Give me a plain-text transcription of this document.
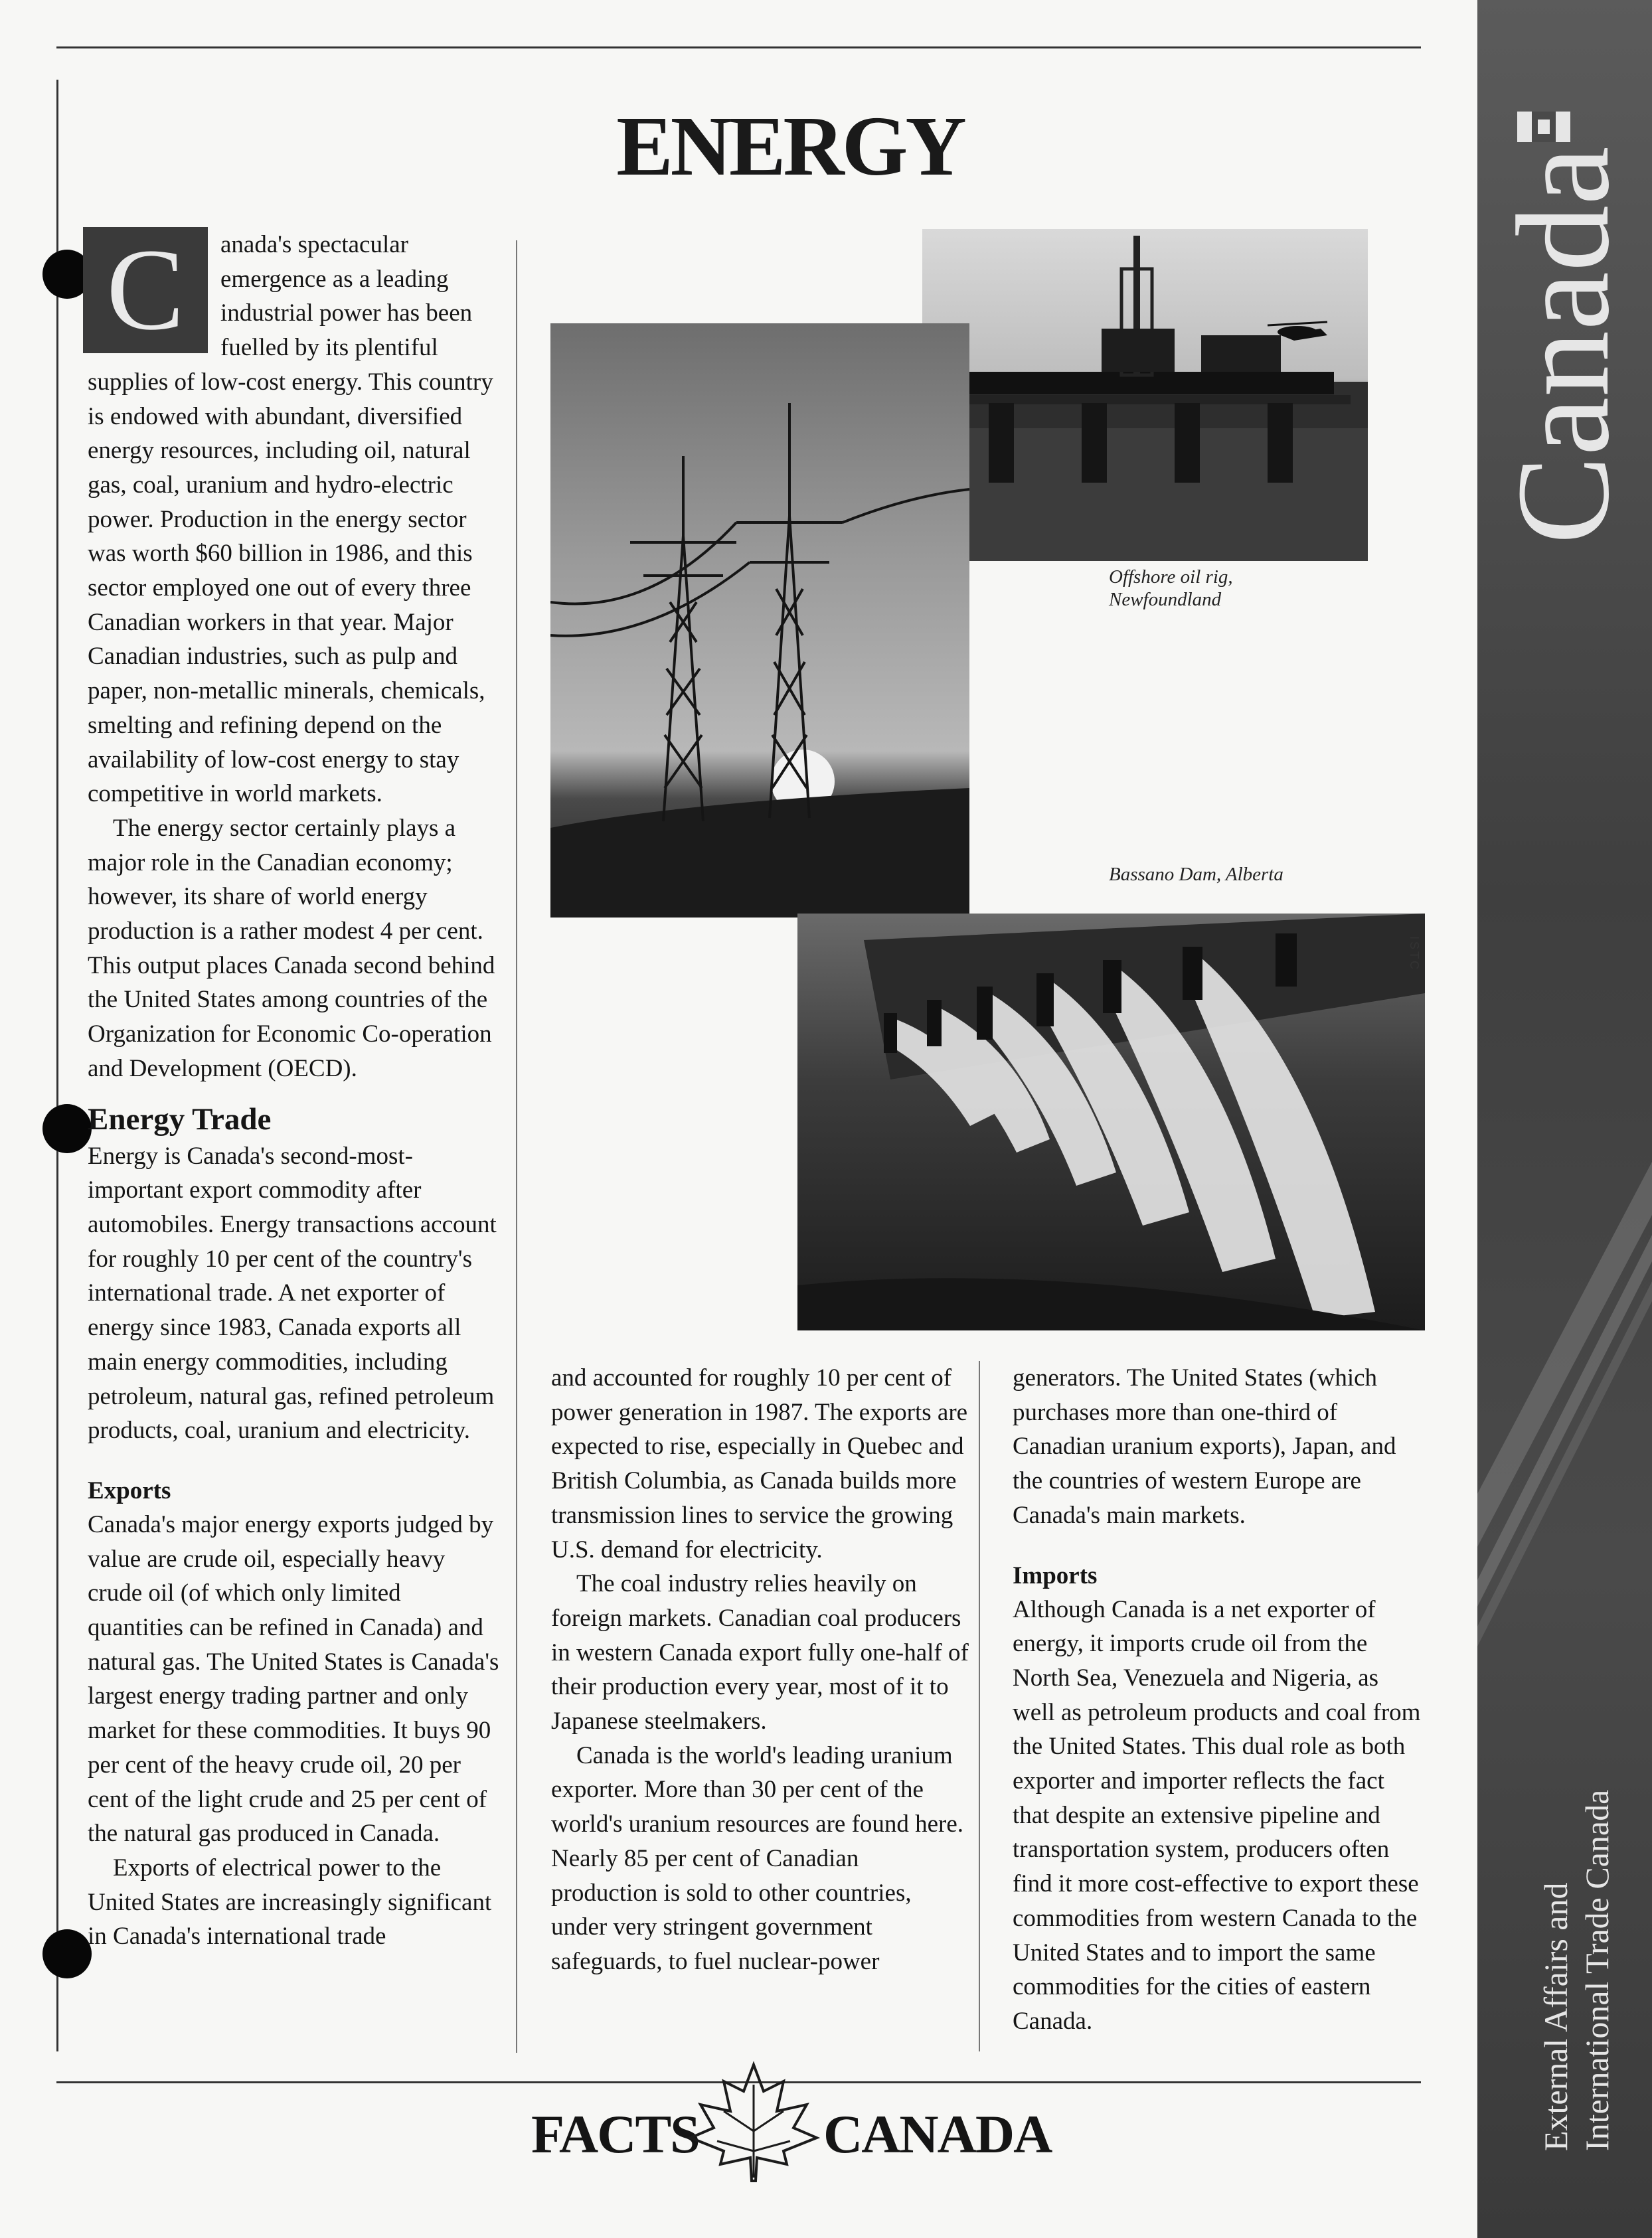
ENERGY
C	anada's spectacular emergence as a leading industrial power has been fuelled by its plentiful supplies of low-cost energy. This country is endowed with abundant, diversified energy resources, including oil, natural gas, coal, uranium and hydro-electric power. Production in the energy sector was worth $60 billion in 1986, and this sector employed one out of every three Canadian workers in that year. Major Canadian industries, such as pulp and paper, non-metallic minerals, chemicals, smelting and refining depend on the availability of low-cost energy to stay competitive in world markets.

The energy sector certainly plays a major role in the Canadian economy; however, its share of world energy production is a rather modest 4 per cent. This output places Canada second behind the United States among countries of the Organization for Economic Co-operation and Development (OECD).

Energy Trade

Energy is Canada's second-most-important export commodity after automobiles. Energy transactions account for roughly 10 per cent of the country's international trade. A net exporter of energy since 1983, Canada exports all main energy commodities, including petroleum, natural gas, refined petroleum products, coal, uranium and electricity.

Exports

Canada's major energy exports judged by value are crude oil, especially heavy crude oil (of which only limited quantities can be refined in Canada) and natural gas. The United States is Canada's largest energy trading partner and only market for these commodities. It buys 90 per cent of the heavy crude oil, 20 per cent of the light crude and 25 per cent of the natural gas produced in Canada.

Exports of electrical power to the United States are increasingly significant in Canada's international trade

Offshore oil rig, Newfoundland
Bassano Dam, Alberta
ISTC

and accounted for roughly 10 per cent of power generation in 1987. The exports are expected to rise, especially in Quebec and British Columbia, as Canada builds more transmission lines to service the growing U.S. demand for electricity.

The coal industry relies heavily on foreign markets. Canadian coal producers in western Canada export fully one-half of their production every year, most of it to Japanese steelmakers.

Canada is the world's leading uranium exporter. More than 30 per cent of the world's uranium resources are found here. Nearly 85 per cent of Canadian production is sold to other countries, under very stringent government safeguards, to fuel nuclear-power

generators. The United States (which purchases more than one-third of Canadian uranium exports), Japan, and the countries of western Europe are Canada's main markets.

Imports

Although Canada is a net exporter of energy, it imports crude oil from the North Sea, Venezuela and Nigeria, as well as petroleum products and coal from the United States. This dual role as both exporter and importer reflects the fact that despite an extensive pipeline and transportation system, producers often find it more cost-effective to export these commodities from western Canada to the United States and to import the same commodities for the cities of eastern Canada.

FACTS CANADA
Canada
External Affairs and International Trade Canada
